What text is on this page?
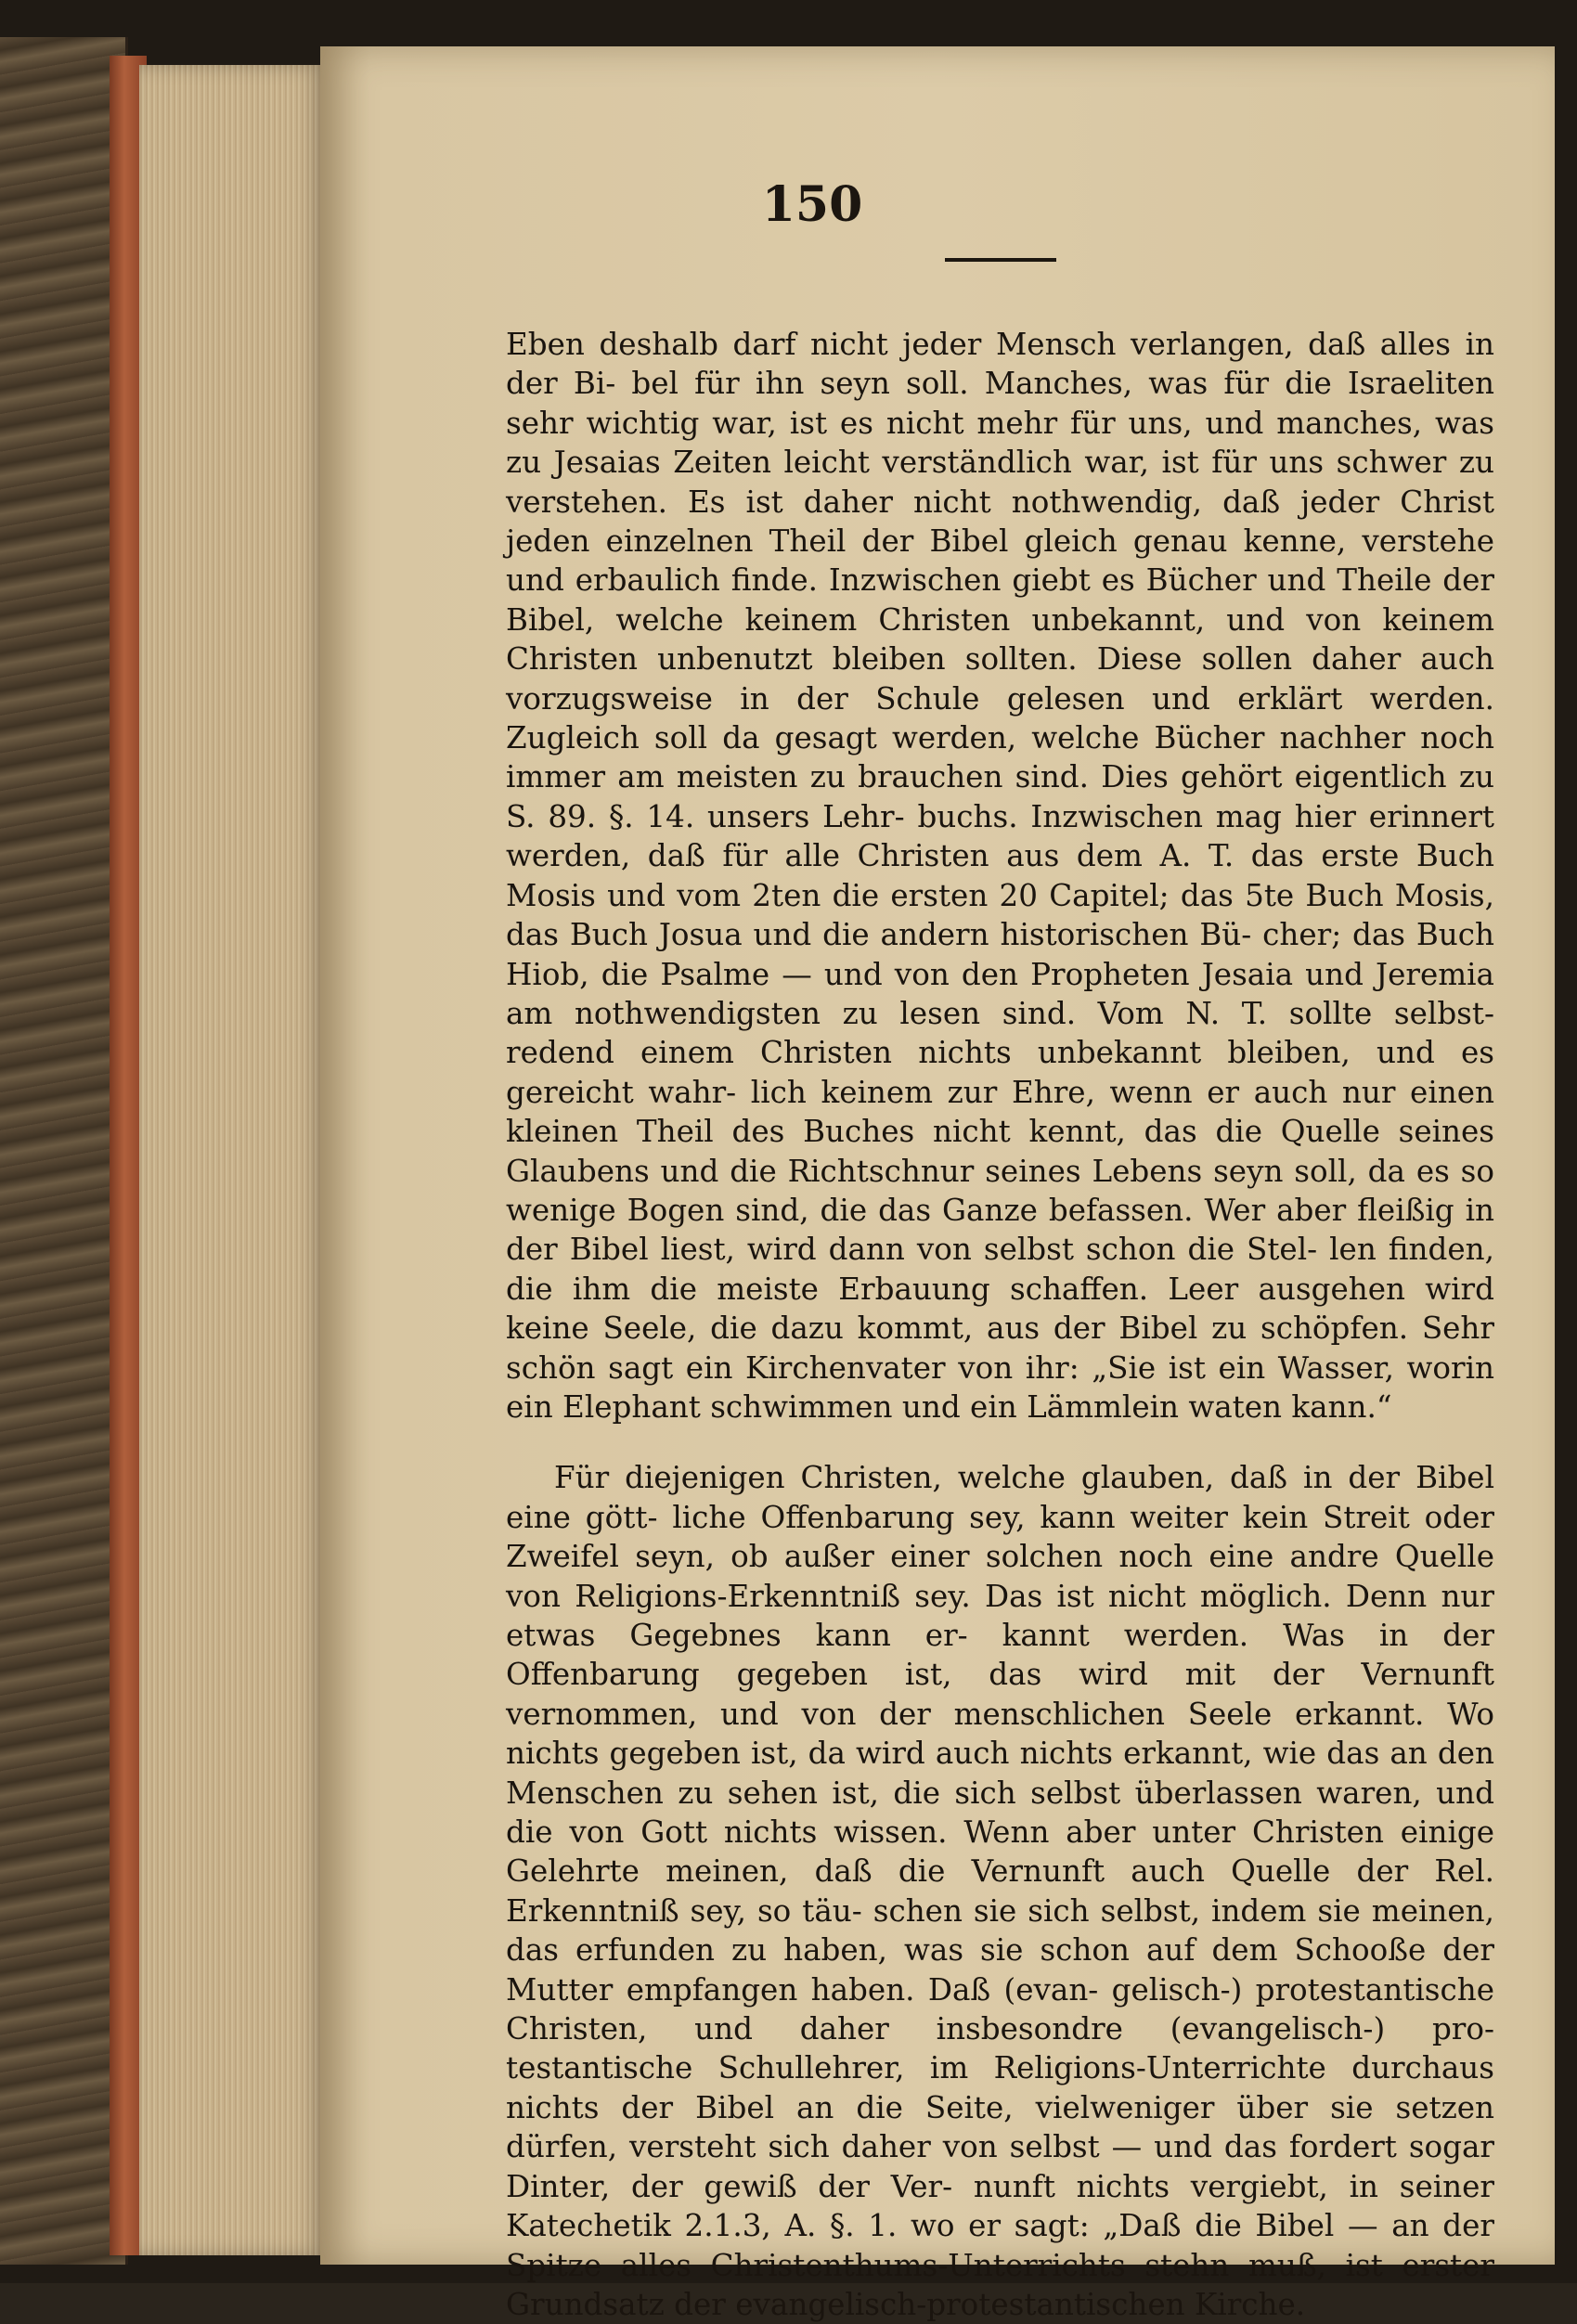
150

Eben deshalb darf nicht jeder Mensch verlangen, daß alles in der Bi- bel für ihn seyn soll. Manches, was für die Israeliten sehr wichtig war, ist es nicht mehr für uns, und manches, was zu Jesaias Zeiten leicht verständlich war, ist für uns schwer zu verstehen. Es ist daher nicht nothwendig, daß jeder Christ jeden einzelnen Theil der Bibel gleich genau kenne, verstehe und erbaulich finde. Inzwischen giebt es Bücher und Theile der Bibel, welche keinem Christen unbekannt, und von keinem Christen unbenutzt bleiben sollten. Diese sollen daher auch vorzugsweise in der Schule gelesen und erklärt werden. Zugleich soll da gesagt werden, welche Bücher nachher noch immer am meisten zu brauchen sind. Dies gehört eigentlich zu S. 89. §. 14. unsers Lehr- buchs. Inzwischen mag hier erinnert werden, daß für alle Christen aus dem A. T. das erste Buch Mosis und vom 2ten die ersten 20 Capitel; das 5te Buch Mosis, das Buch Josua und die andern historischen Bü- cher; das Buch Hiob, die Psalme — und von den Propheten Jesaia und Jeremia am nothwendigsten zu lesen sind. Vom N. T. sollte selbst- redend einem Christen nichts unbekannt bleiben, und es gereicht wahr- lich keinem zur Ehre, wenn er auch nur einen kleinen Theil des Buches nicht kennt, das die Quelle seines Glaubens und die Richtschnur seines Lebens seyn soll, da es so wenige Bogen sind, die das Ganze befassen. Wer aber fleißig in der Bibel liest, wird dann von selbst schon die Stel- len finden, die ihm die meiste Erbauung schaffen. Leer ausgehen wird keine Seele, die dazu kommt, aus der Bibel zu schöpfen. Sehr schön sagt ein Kirchenvater von ihr: „Sie ist ein Wasser, worin ein Elephant schwimmen und ein Lämmlein waten kann.“

Für diejenigen Christen, welche glauben, daß in der Bibel eine gött- liche Offenbarung sey, kann weiter kein Streit oder Zweifel seyn, ob außer einer solchen noch eine andre Quelle von Religions-Erkenntniß sey. Das ist nicht möglich. Denn nur etwas Gegebnes kann er- kannt werden. Was in der Offenbarung gegeben ist, das wird mit der Vernunft vernommen, und von der menschlichen Seele erkannt. Wo nichts gegeben ist, da wird auch nichts erkannt, wie das an den Menschen zu sehen ist, die sich selbst überlassen waren, und die von Gott nichts wissen. Wenn aber unter Christen einige Gelehrte meinen, daß die Vernunft auch Quelle der Rel. Erkenntniß sey, so täu- schen sie sich selbst, indem sie meinen, das erfunden zu haben, was sie schon auf dem Schooße der Mutter empfangen haben. Daß (evan- gelisch-) protestantische Christen, und daher insbesondre (evangelisch-) pro- testantische Schullehrer, im Religions-Unterrichte durchaus nichts der Bibel an die Seite, vielweniger über sie setzen dürfen, versteht sich daher von selbst — und das fordert sogar Dinter, der gewiß der Ver- nunft nichts vergiebt, in seiner Katechetik 2.1.3, A. §. 1. wo er sagt: „Daß die Bibel — an der Spitze alles Christenthums-Unterrichts stehn muß, ist erster Grundsatz der evangelisch-protestantischen Kirche.
